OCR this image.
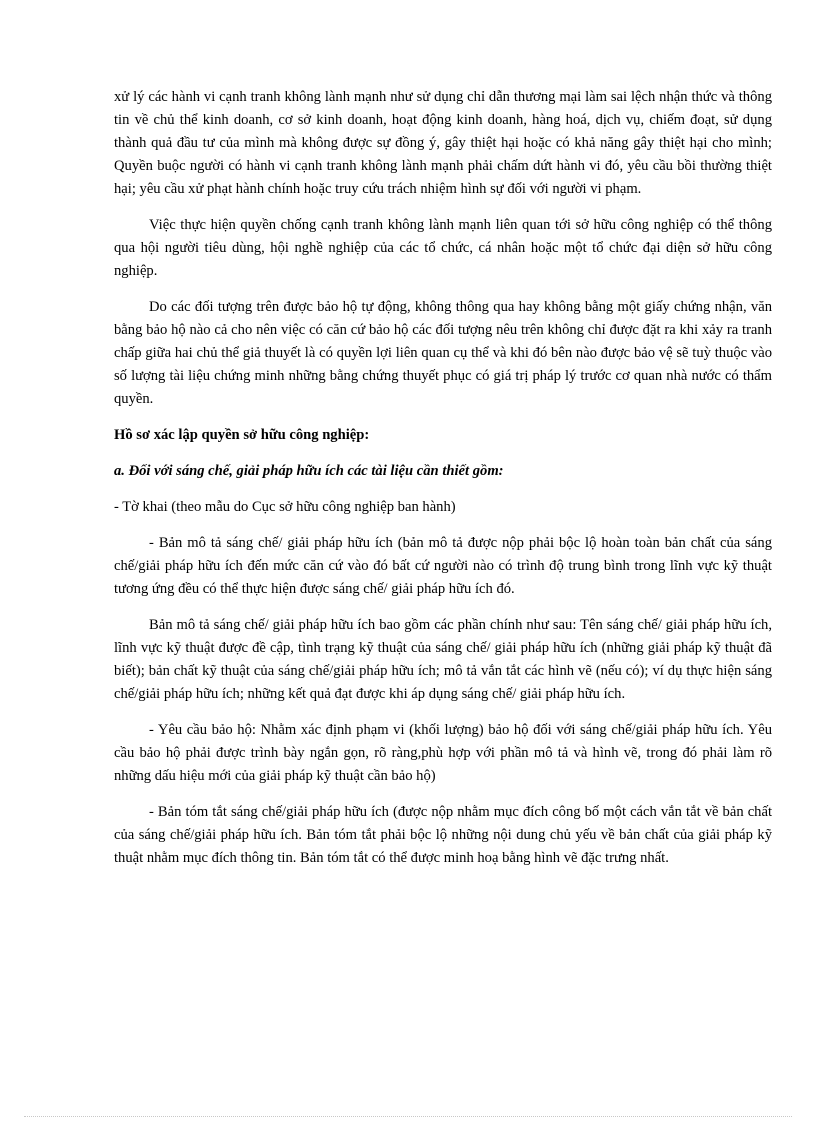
xử lý các hành vi cạnh tranh không lành mạnh như sử dụng chỉ dẫn thương mại làm sai lệch nhận thức và thông tin về chủ thể kinh doanh, cơ sở kinh doanh, hoạt động kinh doanh, hàng hoá, dịch vụ, chiếm đoạt, sử dụng thành quả đầu tư của mình mà không được sự đồng ý, gây thiệt hại hoặc có khả năng gây thiệt hại cho mình; Quyền buộc người có hành vi cạnh tranh không lành mạnh phải chấm dứt hành vi đó, yêu cầu bồi thường thiệt hại; yêu cầu xử phạt hành chính hoặc truy cứu trách nhiệm hình sự đối với người vi phạm.

Việc thực hiện quyền chống cạnh tranh không lành mạnh liên quan tới sở hữu công nghiệp có thể thông qua hội người tiêu dùng, hội nghề nghiệp của các tổ chức, cá nhân hoặc một tổ chức đại diện sở hữu công nghiệp.

Do các đối tượng trên được bảo hộ tự động, không thông qua hay không bằng một giấy chứng nhận, văn bằng bảo hộ nào cả cho nên việc có căn cứ bảo hộ các đối tượng nêu trên không chỉ được đặt ra khi xảy ra tranh chấp giữa hai chủ thể giả thuyết là có quyền lợi liên quan cụ thể và khi đó bên nào được bảo vệ sẽ tuỳ thuộc vào số lượng tài liệu chứng minh những bằng chứng thuyết phục có giá trị pháp lý trước cơ quan nhà nước có thẩm quyền.

Hồ sơ xác lập quyền sở hữu công nghiệp:

a. Đối với sáng chế, giải pháp hữu ích các tài liệu cần thiết gồm:

- Tờ khai (theo mẫu do Cục sở hữu công nghiệp ban hành)

- Bản mô tả sáng chế/ giải pháp hữu ích (bản mô tả được nộp phải bộc lộ hoàn toàn bản chất của sáng chế/giải pháp hữu ích đến mức căn cứ vào đó bất cứ người nào có trình độ trung bình trong lĩnh vực kỹ thuật tương ứng đều có thể thực hiện được sáng chế/ giải pháp hữu ích đó.

Bản mô tả sáng chế/ giải pháp hữu ích bao gồm các phần chính như sau: Tên sáng chế/ giải pháp hữu ích, lĩnh vực kỹ thuật được đề cập, tình trạng kỹ thuật của sáng chế/ giải pháp hữu ích (những giải pháp kỹ thuật đã biết); bản chất kỹ thuật của sáng chế/giải pháp hữu ích; mô tả vắn tắt các hình vẽ (nếu có); ví dụ thực hiện sáng chế/giải pháp hữu ích; những kết quả đạt được khi áp dụng sáng chế/ giải pháp hữu ích.

- Yêu cầu bảo hộ: Nhằm xác định phạm vi (khối lượng) bảo hộ đối với sáng chế/giải pháp hữu ích. Yêu cầu bảo hộ phải được trình bày ngắn gọn, rõ ràng,phù hợp với phần mô tả và hình vẽ, trong đó phải làm rõ những dấu hiệu mới của giải pháp kỹ thuật cần bảo hộ)

- Bản tóm tắt sáng chế/giải pháp hữu ích (được nộp nhằm mục đích công bố một cách vắn tắt về bản chất của sáng chế/giải pháp hữu ích. Bản tóm tắt phải bộc lộ những nội dung chủ yếu về bản chất của giải pháp kỹ thuật nhằm mục đích thông tin. Bản tóm tắt có thể được minh hoạ bằng hình vẽ đặc trưng nhất.
